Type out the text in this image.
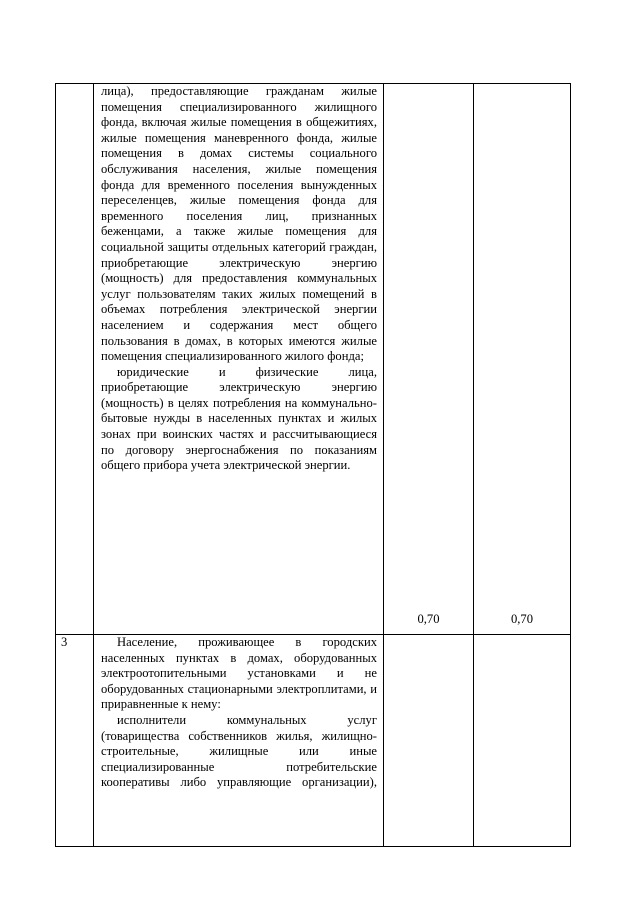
	лица), предоставляющие гражданам жилые помещения специализированного жилищного фонда, включая жилые помещения в общежитиях, жилые помещения маневренного фонда, жилые помещения в домах системы социального обслуживания населения, жилые помещения фонда для временного поселения вынужденных переселенцев, жилые помещения фонда для временного поселения лиц, признанных беженцами, а также жилые помещения для социальной защиты отдельных категорий граждан, приобретающие электрическую энергию (мощность) для предоставления коммунальных услуг пользователям таких жилых помещений в объемах потребления электрической энергии населением и содержания мест общего пользования в домах, в которых имеются жилые помещения специализированного жилого фонда;

юридические и физические лица, приобретающие электрическую энергию (мощность) в целях потребления на коммунально-бытовые нужды в населенных пунктах и жилых зонах при воинских частях и рассчитывающиеся по договору энергоснабжения по показаниям общего прибора учета электрической энергии.	0,70	0,70

3	Население, проживающее в городских населенных пунктах в домах, оборудованных электроотопительными установками и не оборудованных стационарными электроплитами, и приравненные к нему:

исполнители коммунальных услуг (товарищества собственников жилья, жилищно-строительные, жилищные или иные специализированные потребительские кооперативы либо управляющие организации),		
